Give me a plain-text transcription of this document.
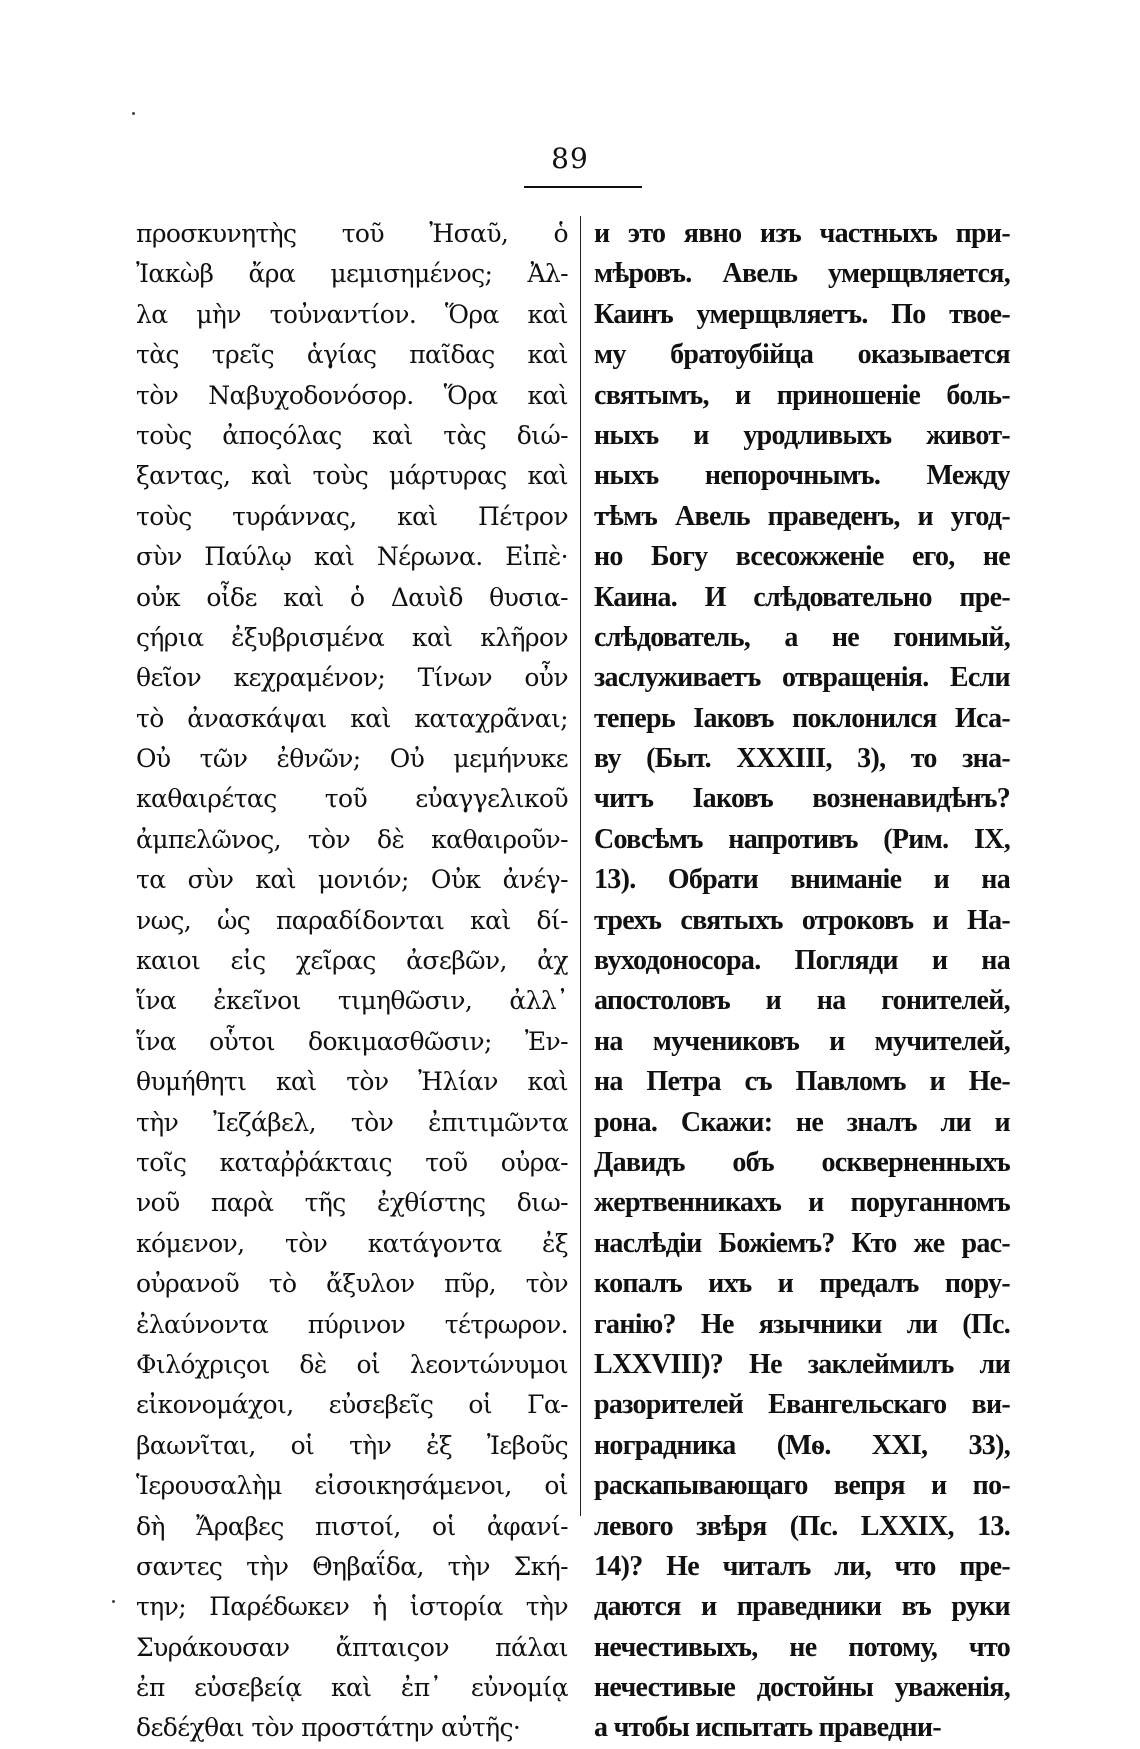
89
προσκυνητὴς τοῦ Ἠσαῦ, ὁ
Ἰακὼβ ἄρα μεμισημένος; Ἀλ-
λα μὴν τοὐναντίον. Ὅρα καὶ
τὰς τρεῖς ἁγίας παῖδας καὶ
τὸν Ναβυχοδονόσορ. Ὅρα καὶ
τοὺς ἀποςόλας καὶ τὰς διώ-
ξαντας, καὶ τοὺς μάρτυρας καὶ
τοὺς τυράννας, καὶ Πέτρον
σὺν Παύλῳ καὶ Νέρωνα. Εἰπὲ·
οὐκ οἶδε καὶ ὁ Δαυὶδ θυσια-
ςήρια ἐξυβρισμένα καὶ κλῆρον
θεῖον κεχραμένον; Τίνων οὖν
τὸ ἀνασκάψαι καὶ καταχρᾶναι;
Οὐ τῶν ἐθνῶν; Οὐ μεμήνυκε
καθαιρέτας τοῦ εὐαγγελικοῦ
ἀμπελῶνος, τὸν δὲ καθαιροῦν-
τα σὺν καὶ μονιόν; Οὐκ ἀνέγ-
νως, ὡς παραδίδονται καὶ δί-
καιοι εἰς χεῖρας ἀσεβῶν, ἀχ
ἵνα ἐκεῖνοι τιμηθῶσιν, ἀλλ᾿
ἵνα οὗτοι δοκιμασθῶσιν; Ἐν-
θυμήθητι καὶ τὸν Ἠλίαν καὶ
τὴν Ἰεζάβελ, τὸν ἐπιτιμῶντα
τοῖς καταῤῥάκταις τοῦ οὐρα-
νοῦ παρὰ τῆς ἐχθίστης διω-
κόμενον, τὸν κατάγοντα ἐξ
οὐρανοῦ τὸ ἄξυλον πῦρ, τὸν
ἐλαύνοντα πύρινον τέτρωρον.
Φιλόχριςοι δὲ οἱ λεοντώνυμοι
εἰκονομάχοι, εὐσεβεῖς οἱ Γα-
βαωνῖται, οἱ τὴν ἐξ Ἰεβοῦς
Ἱερουσαλὴμ εἰσοικησάμενοι, οἱ
δὴ Ἄραβες πιστοί, οἱ ἀφανί-
σαντες τὴν Θηβαΐδα, τὴν Σκή-
την; Παρέδωκεν ἡ ἱστορία τὴν
Συράκουσαν ἄπταιςον πάλαι
ἐπ εὐσεβείᾳ καὶ ἐπ᾿ εὐνομίᾳ
δεδέχθαι τὸν προστάτην αὐτῆς·
и это явно изъ частныхъ при-
мѣровъ. Авель умерщвляется,
Каинъ умерщвляетъ. По твое-
му братоубійца оказывается
святымъ, и приношеніе боль-
ныхъ и уродливыхъ живот-
ныхъ непорочнымъ. Между
тѣмъ Авель праведенъ, и угод-
но Богу всесожженіе его, не
Каина. И слѣдовательно пре-
слѣдователь, а не гонимый,
заслуживаетъ отвращенія. Если
теперь Іаковъ поклонился Иса-
ву (Быт. XXXIII, 3), то зна-
читъ Іаковъ возненавидѣнъ?
Совсѣмъ напротивъ (Рим. IX,
13). Обрати вниманіе и на
трехъ святыхъ отроковъ и На-
вуходоносора. Погляди и на
апостоловъ и на гонителей,
на мучениковъ и мучителей,
на Петра съ Павломъ и Не-
рона. Скажи: не зналъ ли и
Давидъ объ оскверненныхъ
жертвенникахъ и поруганномъ
наслѣдіи Божіемъ? Кто же рас-
копалъ ихъ и предалъ пору-
ганію? Не язычники ли (Пс.
LXXVIII)? Не заклеймилъ ли
разорителей Евангельскаго ви-
ноградника (Мѳ. XXI, 33),
раскапывающаго вепря и по-
левого звѣря (Пс. LXXIX, 13.
14)? Не читалъ ли, что пре-
даются и праведники въ руки
нечестивыхъ, не потому, что
нечестивые достойны уваженія,
а чтобы испытать праведни-
